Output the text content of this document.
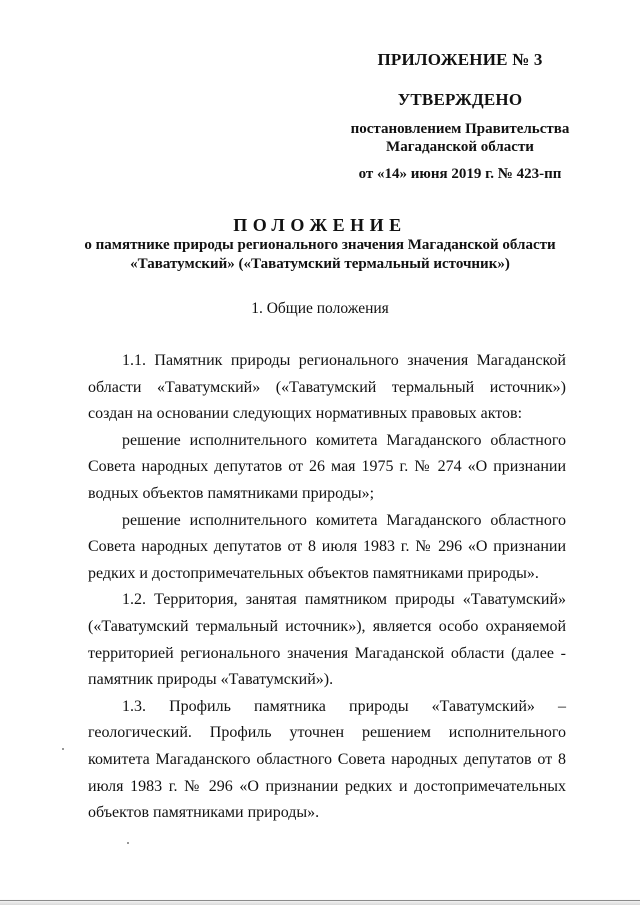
ПРИЛОЖЕНИЕ № 3
УТВЕРЖДЕНО
постановлением Правительства
Магаданской области
от «14» июня 2019 г. № 423-пп
ПОЛОЖЕНИЕ
о памятнике природы регионального значения Магаданской области
«Таватумский» («Таватумский термальный источник»)
1. Общие положения

1.1. Памятник природы регионального значения Магаданской области «Таватумский» («Таватумский термальный источник») создан на основании следующих нормативных правовых актов:

решение исполнительного комитета Магаданского областного Совета народных депутатов от 26 мая 1975 г. № 274 «О признании водных объектов памятниками природы»;

решение исполнительного комитета Магаданского областного Совета народных депутатов от 8 июля 1983 г. № 296 «О признании редких и достопримечательных объектов памятниками природы».

1.2. Территория, занятая памятником природы «Таватумский» («Таватумский термальный источник»), является особо охраняемой территорией регионального значения Магаданской области (далее - памятник природы «Таватумский»).

1.3. Профиль памятника природы «Таватумский» – геологический. Профиль уточнен решением исполнительного комитета Магаданского областного Совета народных депутатов от 8 июля 1983 г. № 296 «О признании редких и достопримечательных объектов памятниками природы».
